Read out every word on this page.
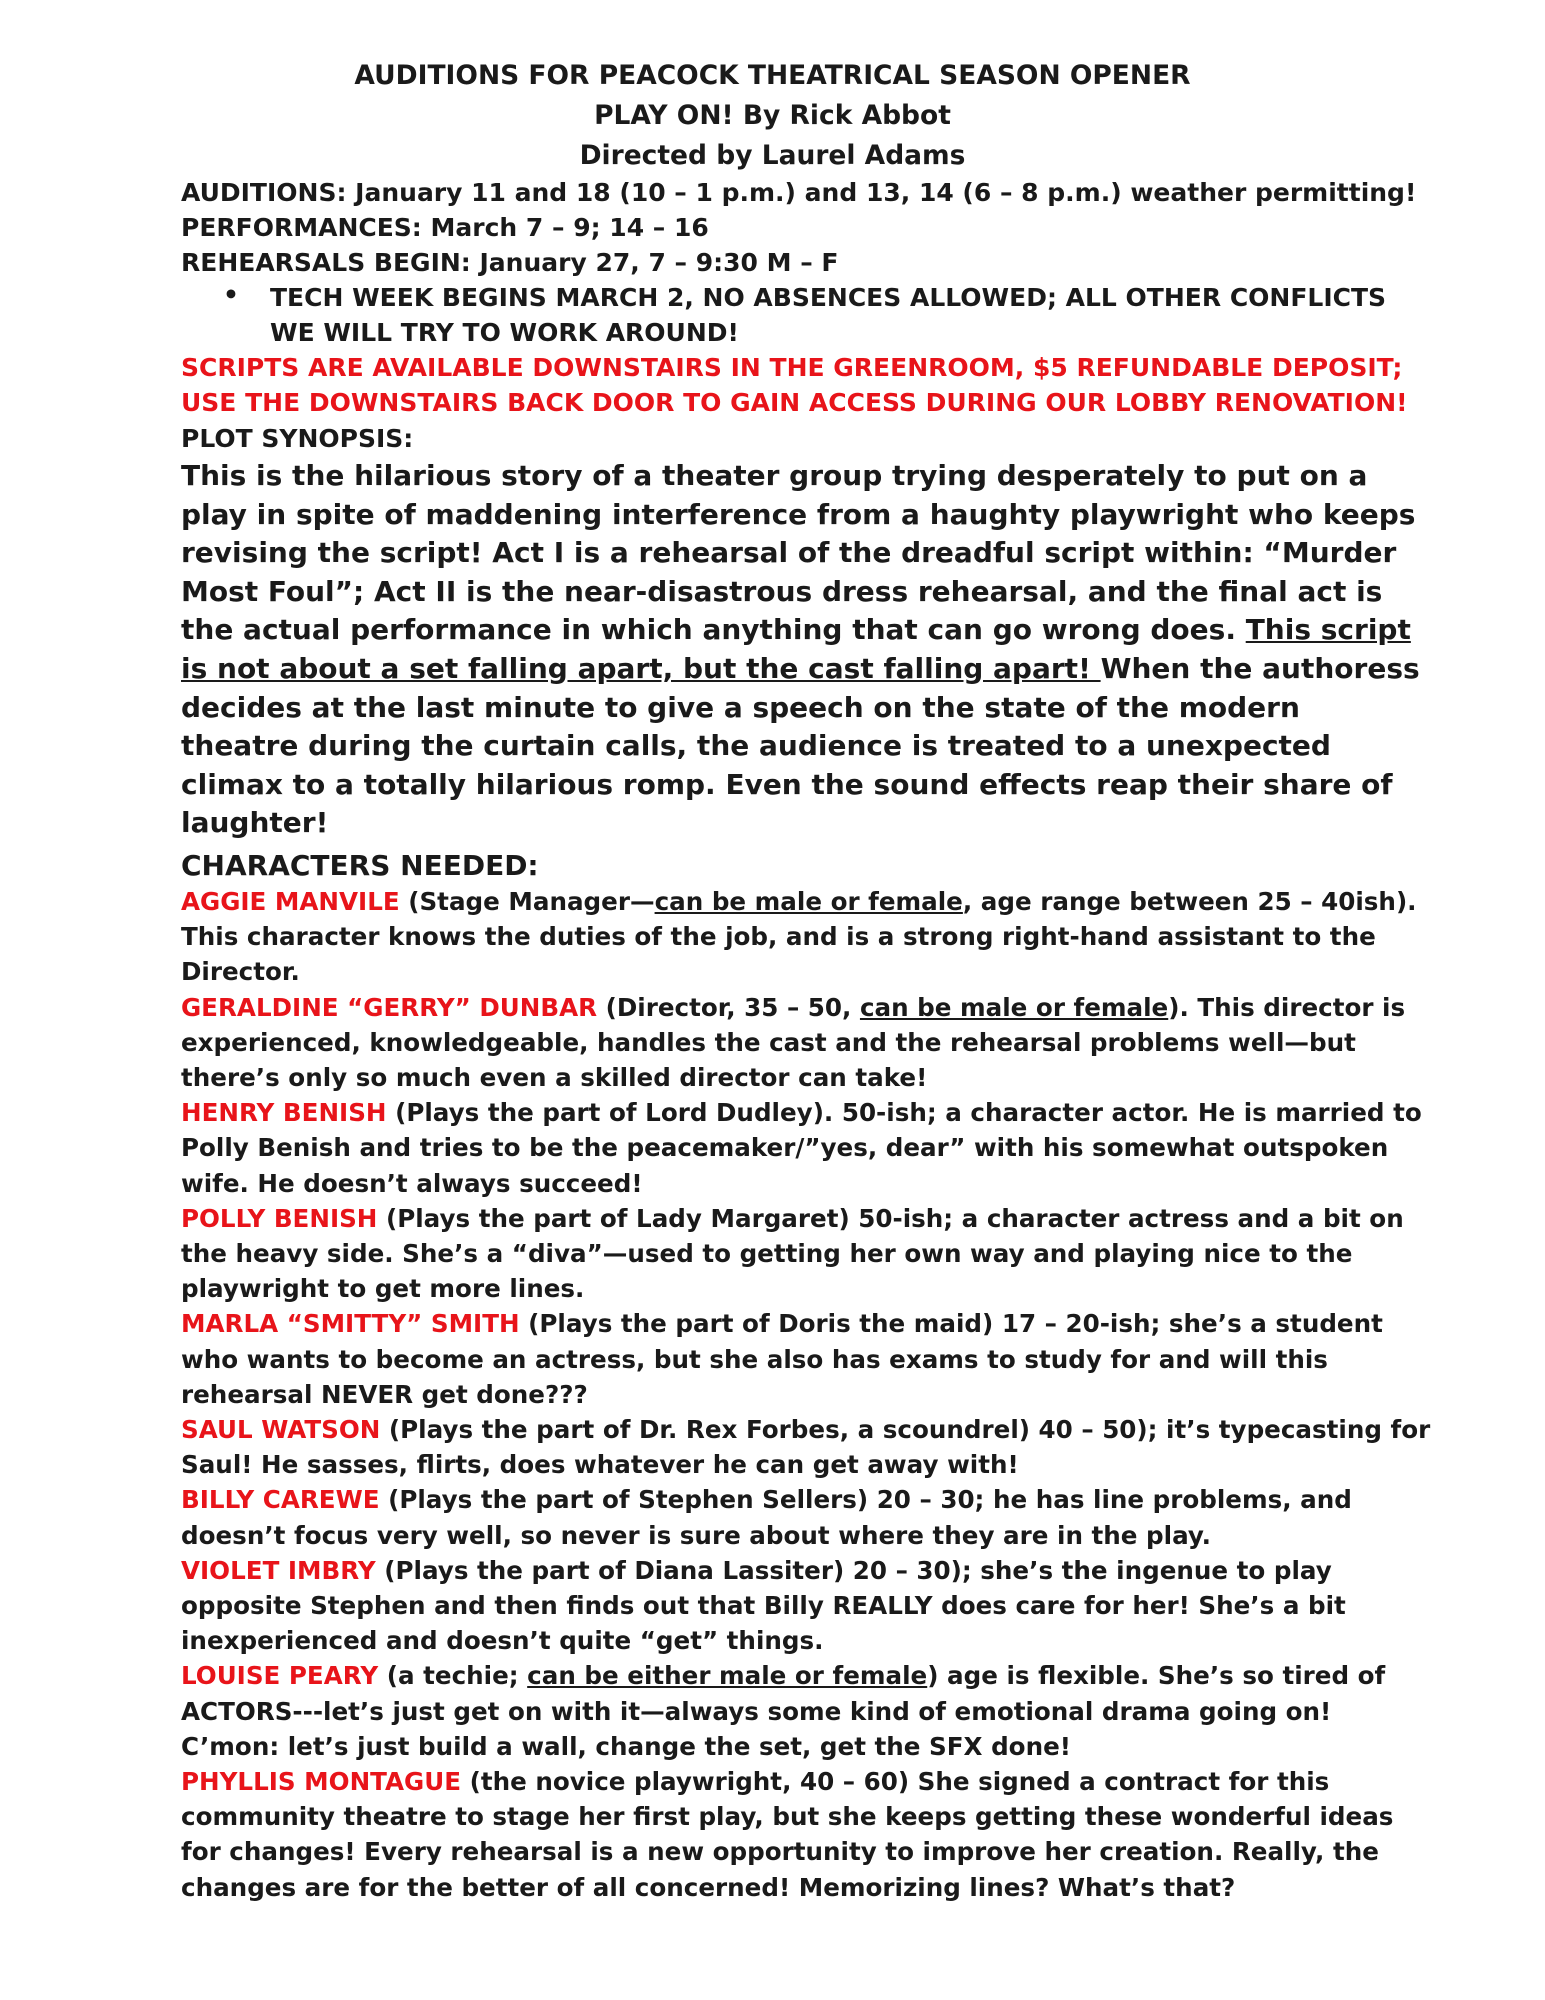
AUDITIONS FOR PEACOCK THEATRICAL SEASON OPENER

PLAY ON! By Rick Abbot

Directed by Laurel Adams

AUDITIONS: January 11 and 18 (10 – 1 p.m.) and 13, 14 (6 – 8 p.m.) weather permitting!
PERFORMANCES: March 7 – 9; 14 – 16
REHEARSALS BEGIN: January 27, 7 – 9:30 M – F
• TECH WEEK BEGINS MARCH 2, NO ABSENCES ALLOWED; ALL OTHER CONFLICTS
WE WILL TRY TO WORK AROUND!
SCRIPTS ARE AVAILABLE DOWNSTAIRS IN THE GREENROOM, $5 REFUNDABLE DEPOSIT;
USE THE DOWNSTAIRS BACK DOOR TO GAIN ACCESS DURING OUR LOBBY RENOVATION!
PLOT SYNOPSIS:

This is the hilarious story of a theater group trying desperately to put on a play in spite of maddening interference from a haughty playwright who keeps revising the script! Act I is a rehearsal of the dreadful script within: “Murder Most Foul”; Act II is the near-disastrous dress rehearsal, and the final act is the actual performance in which anything that can go wrong does. This script is not about a set falling apart, but the cast falling apart! When the authoress decides at the last minute to give a speech on the state of the modern theatre during the curtain calls, the audience is treated to a unexpected climax to a totally hilarious romp. Even the sound effects reap their share of laughter!

CHARACTERS NEEDED:

AGGIE MANVILE (Stage Manager—can be male or female, age range between 25 – 40ish). This character knows the duties of the job, and is a strong right-hand assistant to the Director.

GERALDINE “GERRY” DUNBAR (Director, 35 – 50, can be male or female). This director is experienced, knowledgeable, handles the cast and the rehearsal problems well—but there’s only so much even a skilled director can take!

HENRY BENISH (Plays the part of Lord Dudley). 50-ish; a character actor. He is married to Polly Benish and tries to be the peacemaker/”yes, dear” with his somewhat outspoken wife. He doesn’t always succeed!

POLLY BENISH (Plays the part of Lady Margaret) 50-ish; a character actress and a bit on the heavy side. She’s a “diva”—used to getting her own way and playing nice to the playwright to get more lines.

MARLA “SMITTY” SMITH (Plays the part of Doris the maid) 17 – 20-ish; she’s a student who wants to become an actress, but she also has exams to study for and will this rehearsal NEVER get done???

SAUL WATSON (Plays the part of Dr. Rex Forbes, a scoundrel) 40 – 50); it’s typecasting for Saul! He sasses, flirts, does whatever he can get away with!

BILLY CAREWE (Plays the part of Stephen Sellers) 20 – 30; he has line problems, and doesn’t focus very well, so never is sure about where they are in the play.

VIOLET IMBRY (Plays the part of Diana Lassiter) 20 – 30); she’s the ingenue to play opposite Stephen and then finds out that Billy REALLY does care for her! She’s a bit inexperienced and doesn’t quite “get” things.

LOUISE PEARY (a techie; can be either male or female) age is flexible. She’s so tired of ACTORS---let’s just get on with it—always some kind of emotional drama going on! C’mon: let’s just build a wall, change the set, get the SFX done!

PHYLLIS MONTAGUE (the novice playwright, 40 – 60) She signed a contract for this community theatre to stage her first play, but she keeps getting these wonderful ideas for changes! Every rehearsal is a new opportunity to improve her creation. Really, the changes are for the better of all concerned! Memorizing lines? What’s that?
